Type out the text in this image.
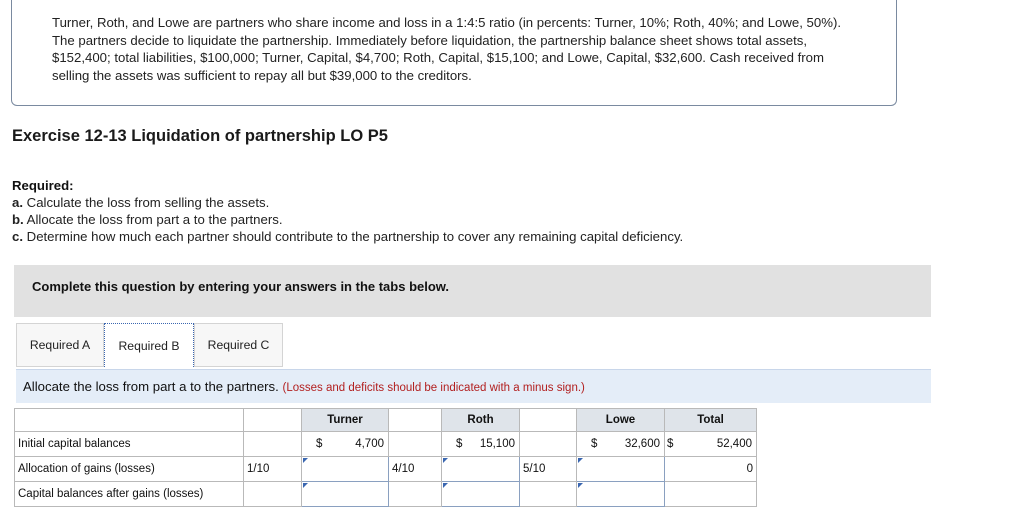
Turner, Roth, and Lowe are partners who share income and loss in a 1:4:5 ratio (in percents: Turner, 10%; Roth, 40%; and Lowe, 50%). The partners decide to liquidate the partnership. Immediately before liquidation, the partnership balance sheet shows total assets, $152,400; total liabilities, $100,000; Turner, Capital, $4,700; Roth, Capital, $15,100; and Lowe, Capital, $32,600. Cash received from selling the assets was sufficient to repay all but $39,000 to the creditors.
Exercise 12-13 Liquidation of partnership LO P5
Required:
a. Calculate the loss from selling the assets.
b. Allocate the loss from part a to the partners.
c. Determine how much each partner should contribute to the partnership to cover any remaining capital deficiency.
Complete this question by entering your answers in the tabs below.
Required A	Required B	Required C
Allocate the loss from part a to the partners. (Losses and deficits should be indicated with a minus sign.)
		Turner		Roth		Lowe	Total
Initial capital balances		$ 4,700		$ 15,100		$ 32,600	$ 52,400

Allocation of gains (losses)	1/10		4/10		5/10		0
Capital balances after gains (losses)							
